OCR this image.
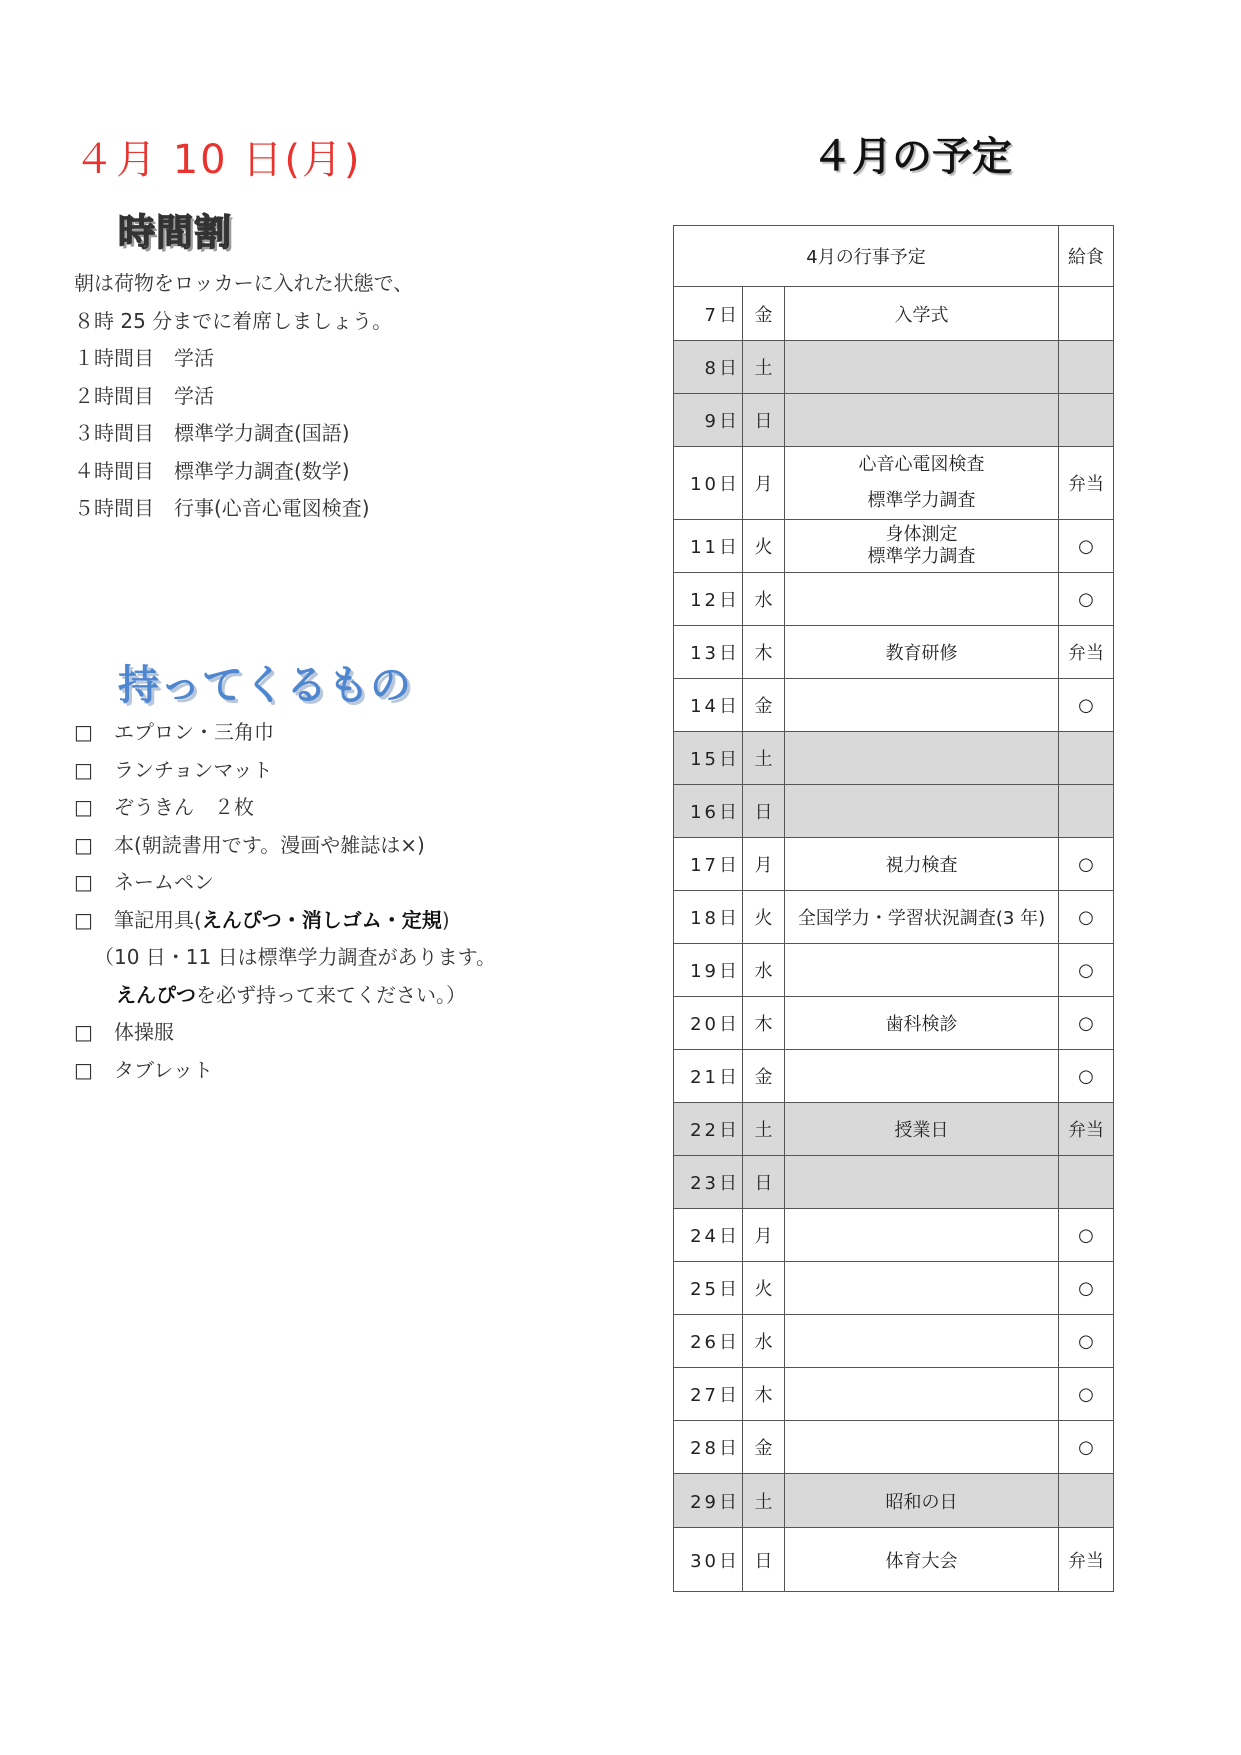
４月 10 日(月)
時間割
朝は荷物をロッカーに入れた状態で、
８時 25 分までに着席しましょう。
１時間目　学活
２時間目　学活
３時間目　標準学力調査(国語)
４時間目　標準学力調査(数学)
５時間目　行事(心音心電図検査)
持ってくるもの
□ エプロン・三角巾
□ ランチョンマット
□ ぞうきん　２枚
□ 本(朝読書用です。漫画や雑誌は×)
□ ネームペン
□ 筆記用具(えんぴつ・消しゴム・定規)
（10 日・11 日は標準学力調査があります。
えんぴつを必ず持って来てください。）
□ 体操服
□ タブレット
４月の予定
4月の行事予定			給食
7日	金	入学式	
8日	土		
9日	日		
10日	月	心音心電図検査
標準学力調査	弁当
11日	火	身体測定
標準学力調査	○
12日	水		○
13日	木	教育研修	弁当
14日	金		○
15日	土		
16日	日		
17日	月	視力検査	○
18日	火	全国学力・学習状況調査(3 年)	○
19日	水		○
20日	木	歯科検診	○
21日	金		○
22日	土	授業日	弁当
23日	日		
24日	月		○
25日	火		○
26日	水		○
27日	木		○
28日	金		○
29日	土	昭和の日	
30日	日	体育大会	弁当
